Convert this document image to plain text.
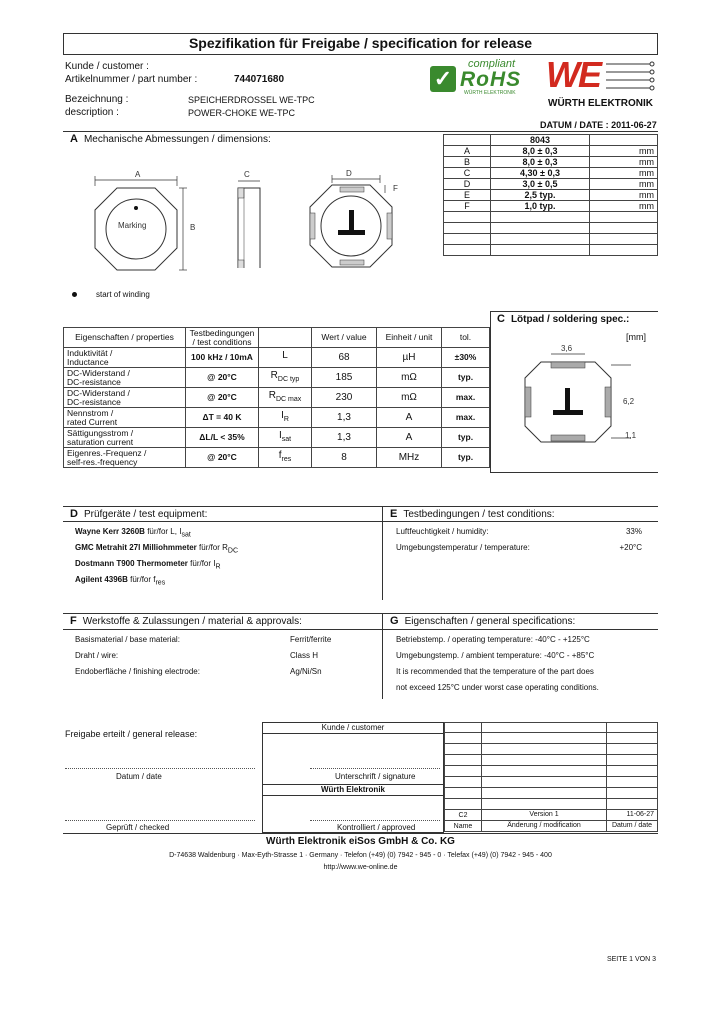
Spezifikation für Freigabe / specification for release
Kunde / customer :
Artikelnummer / part number :	744071680
Bezeichnung :	SPEICHERDROSSEL WE-TPC
description :	POWER-CHOKE WE-TPC
✓
compliant
RoHS
WÜRTH ELEKTRONIK WE
WÜRTH ELEKTRONIK
DATUM / DATE : 2011-06-27
A Mechanische Abmessungen / dimensions:
A
Marking	B
C	D
F
start of winding
	8043	
A	8,0 ± 0,3	mm
B	8,0 ± 0,3	mm
C	4,30 ± 0,3	mm
D	3,0 ± 0,5	mm
E	2,5 typ.	mm
F	1,0 typ.	mm

Eigenschaften / properties	Testbedingungen / test conditions		Wert / value	Einheit / unit	tol.

Induktivität /
Inductance	100 kHz / 10mA	L	68	µH	±30%

DC-Widerstand /
DC-resistance	@ 20°C	$R_{DC typ}$	185	mΩ	typ.

DC-Widerstand /
DC-resistance	@ 20°C	$R_{DC max}$	230	mΩ	max.

Nennstrom /
rated Current	ΔT = 40 K	$I_R$	1,3	A	max.

Sättigungsstrom /
saturation current	ΔL/L < 35%	$I_{sat}$	1,3	A	typ.

Eigenres.-Frequenz /
self-res.-frequency	@ 20°C	$f_{res}$	8	MHz	typ.
C Lötpad / soldering spec.:
[mm]
3,6
6,2
1,1
D Prüfgeräte / test equipment:	E Testbedingungen / test conditions:
Wayne Kerr 3260B für/for L, $I_{sat}$
GMC Metrahit 27I Milliohmmeter für/for $R_{DC}$
Dostmann T900 Thermometer für/for $I_R$
Agilent 4396B für/for $f_{res}$
Luftfeuchtigkeit / humidity:	33%
Umgebungstemperatur / temperature:	+20°C
F Werkstoffe & Zulassungen / material & approvals:	G Eigenschaften / general specifications:
Basismaterial / base material:	Ferrit/ferrite
Draht / wire:	Class H
Endoberfläche / finishing electrode:	Ag/Ni/Sn
Betriebstemp. / operating temperature: -40°C - +125°C
Umgebungstemp. / ambient temperature: -40°C - +85°C
It is recommended that the temperature of the part does
not exceed 125°C under worst case operating conditions.
Kunde / customer
Freigabe erteilt / general release:
Datum / date	Unterschrift / signature
Würth Elektronik
Geprüft / checked	Kontrolliert / approved

C2	Version 1	11-06-27
Name	Änderung / modification	Datum / date
Würth Elektronik eiSos GmbH & Co. KG
D-74638 Waldenburg · Max-Eyth-Strasse 1 · Germany · Telefon (+49) (0) 7942 - 945 - 0 · Telefax (+49) (0) 7942 - 945 - 400
http://www.we-online.de
SEITE 1 VON 3
